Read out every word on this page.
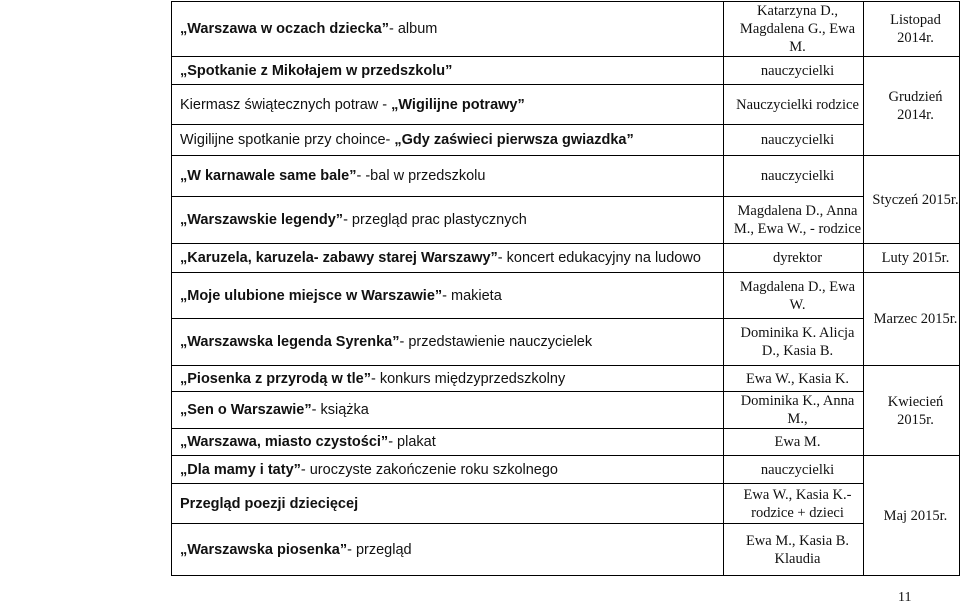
„Warszawa w oczach dziecka”- album	Katarzyna D., Magdalena G., Ewa M.	Listopad 2014r.
„Spotkanie z Mikołajem w przedszkolu”	nauczycielki	Grudzień 2014r.
Kiermasz świątecznych potraw - „Wigilijne potrawy”	Nauczycielki rodzice	
Wigilijne spotkanie przy choince- „Gdy zaświeci pierwsza gwiazdka”	nauczycielki	
„W karnawale same bale”- -bal w przedszkolu	nauczycielki	Styczeń 2015r.
„Warszawskie legendy”- przegląd prac plastycznych	Magdalena D., Anna M., Ewa W., - rodzice	
„Karuzela, karuzela- zabawy starej Warszawy”- koncert edukacyjny na ludowo	dyrektor	Luty 2015r.
„Moje ulubione miejsce w Warszawie”- makieta	Magdalena D., Ewa W.	Marzec 2015r.
„Warszawska legenda Syrenka”- przedstawienie nauczycielek	Dominika K. Alicja D., Kasia B.	
„Piosenka z przyrodą w tle”- konkurs międzyprzedszkolny	Ewa W., Kasia K.	Kwiecień 2015r.
„Sen o Warszawie”- książka	Dominika K., Anna M.,	
„Warszawa, miasto czystości”- plakat	Ewa M.	
„Dla mamy i taty”- uroczyste zakończenie roku szkolnego	nauczycielki	Maj 2015r.
Przegląd poezji dziecięcej	Ewa W., Kasia K.- rodzice + dzieci	
„Warszawska piosenka”- przegląd	Ewa M., Kasia B. Klaudia	
11
